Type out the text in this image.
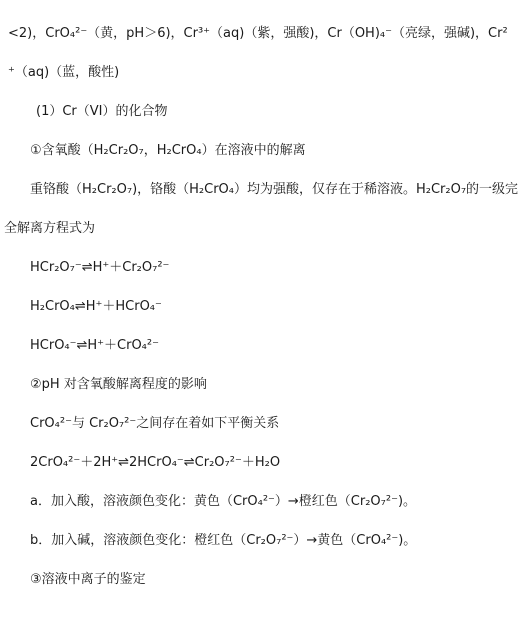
<2)，CrO₄²⁻（黄，pH＞6)，Cr³⁺（aq)（紫，强酸)，Cr（OH)₄⁻（亮绿，强碱)，Cr²
⁺（aq)（蓝，酸性)
(1）Cr（VI）的化合物
①含氧酸（H₂Cr₂O₇，H₂CrO₄）在溶液中的解离
重铬酸（H₂Cr₂O₇)，铬酸（H₂CrO₄）均为强酸，仅存在于稀溶液。H₂Cr₂O₇的一级完
全解离方程式为
HCr₂O₇⁻⇌H⁺＋Cr₂O₇²⁻
H₂CrO₄⇌H⁺＋HCrO₄⁻
HCrO₄⁻⇌H⁺＋CrO₄²⁻
②pH 对含氧酸解离程度的影响
CrO₄²⁻与 Cr₂O₇²⁻之间存在着如下平衡关系
2CrO₄²⁻＋2H⁺⇌2HCrO₄⁻⇌Cr₂O₇²⁻＋H₂O
a．加入酸，溶液颜色变化：黄色（CrO₄²⁻）→橙红色（Cr₂O₇²⁻)。
b．加入碱，溶液颜色变化：橙红色（Cr₂O₇²⁻）→黄色（CrO₄²⁻)。
③溶液中离子的鉴定
